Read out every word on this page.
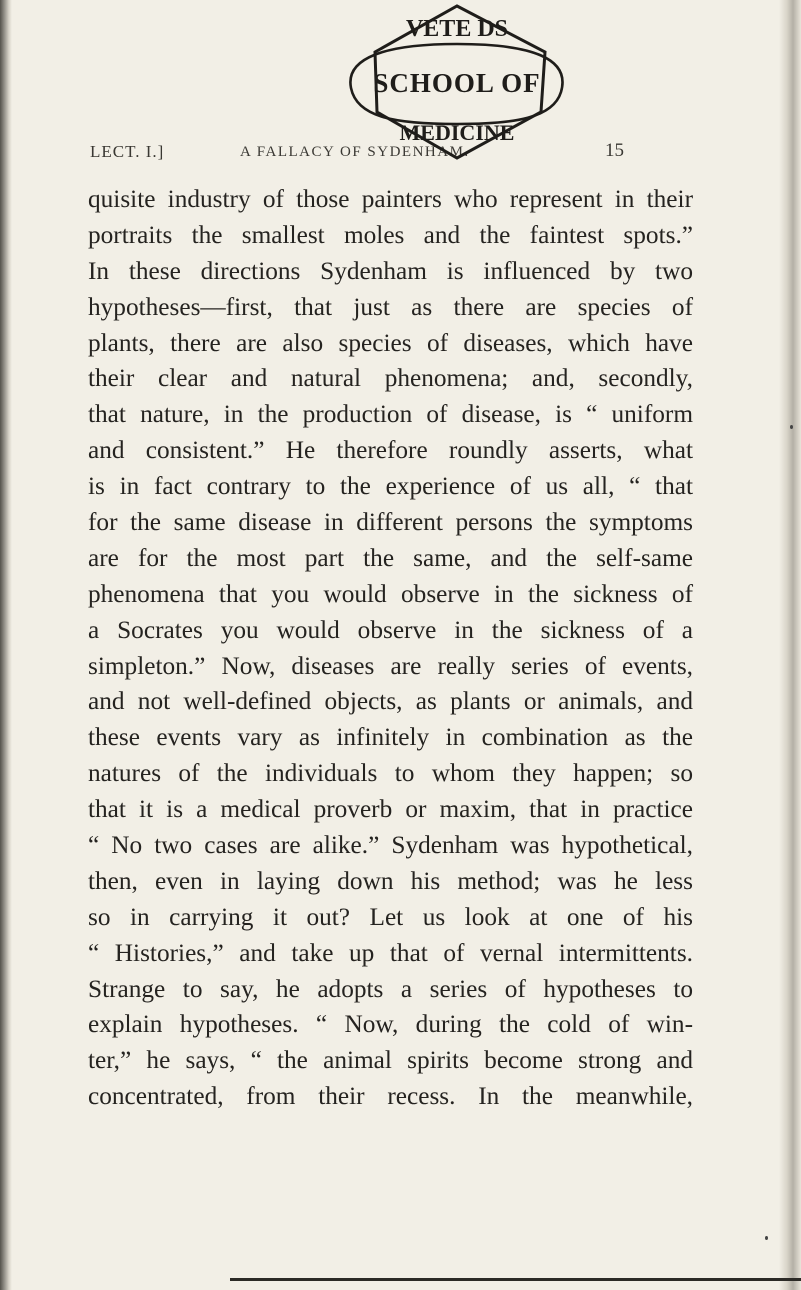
LECT. I.]	A FALLACY OF SYDENHAM.	15
VETE DS
SCHOOL OF
MEDICINE
quisite industry of those painters who represent in their
portraits the smallest moles and the faintest spots.”
In these directions Sydenham is influenced by two
hypotheses—first, that just as there are species of
plants, there are also species of diseases, which have
their clear and natural phenomena; and, secondly,
that nature, in the production of disease, is “ uniform
and consistent.” He therefore roundly asserts, what
is in fact contrary to the experience of us all, “ that
for the same disease in different persons the symptoms
are for the most part the same, and the self-same
phenomena that you would observe in the sickness of
a Socrates you would observe in the sickness of a
simpleton.” Now, diseases are really series of events,
and not well-defined objects, as plants or animals, and
these events vary as infinitely in combination as the
natures of the individuals to whom they happen; so
that it is a medical proverb or maxim, that in practice
“ No two cases are alike.” Sydenham was hypothetical,
then, even in laying down his method; was he less
so in carrying it out? Let us look at one of his
“ Histories,” and take up that of vernal intermittents.
Strange to say, he adopts a series of hypotheses to
explain hypotheses. “ Now, during the cold of win-
ter,” he says, “ the animal spirits become strong and
concentrated, from their recess. In the meanwhile,
